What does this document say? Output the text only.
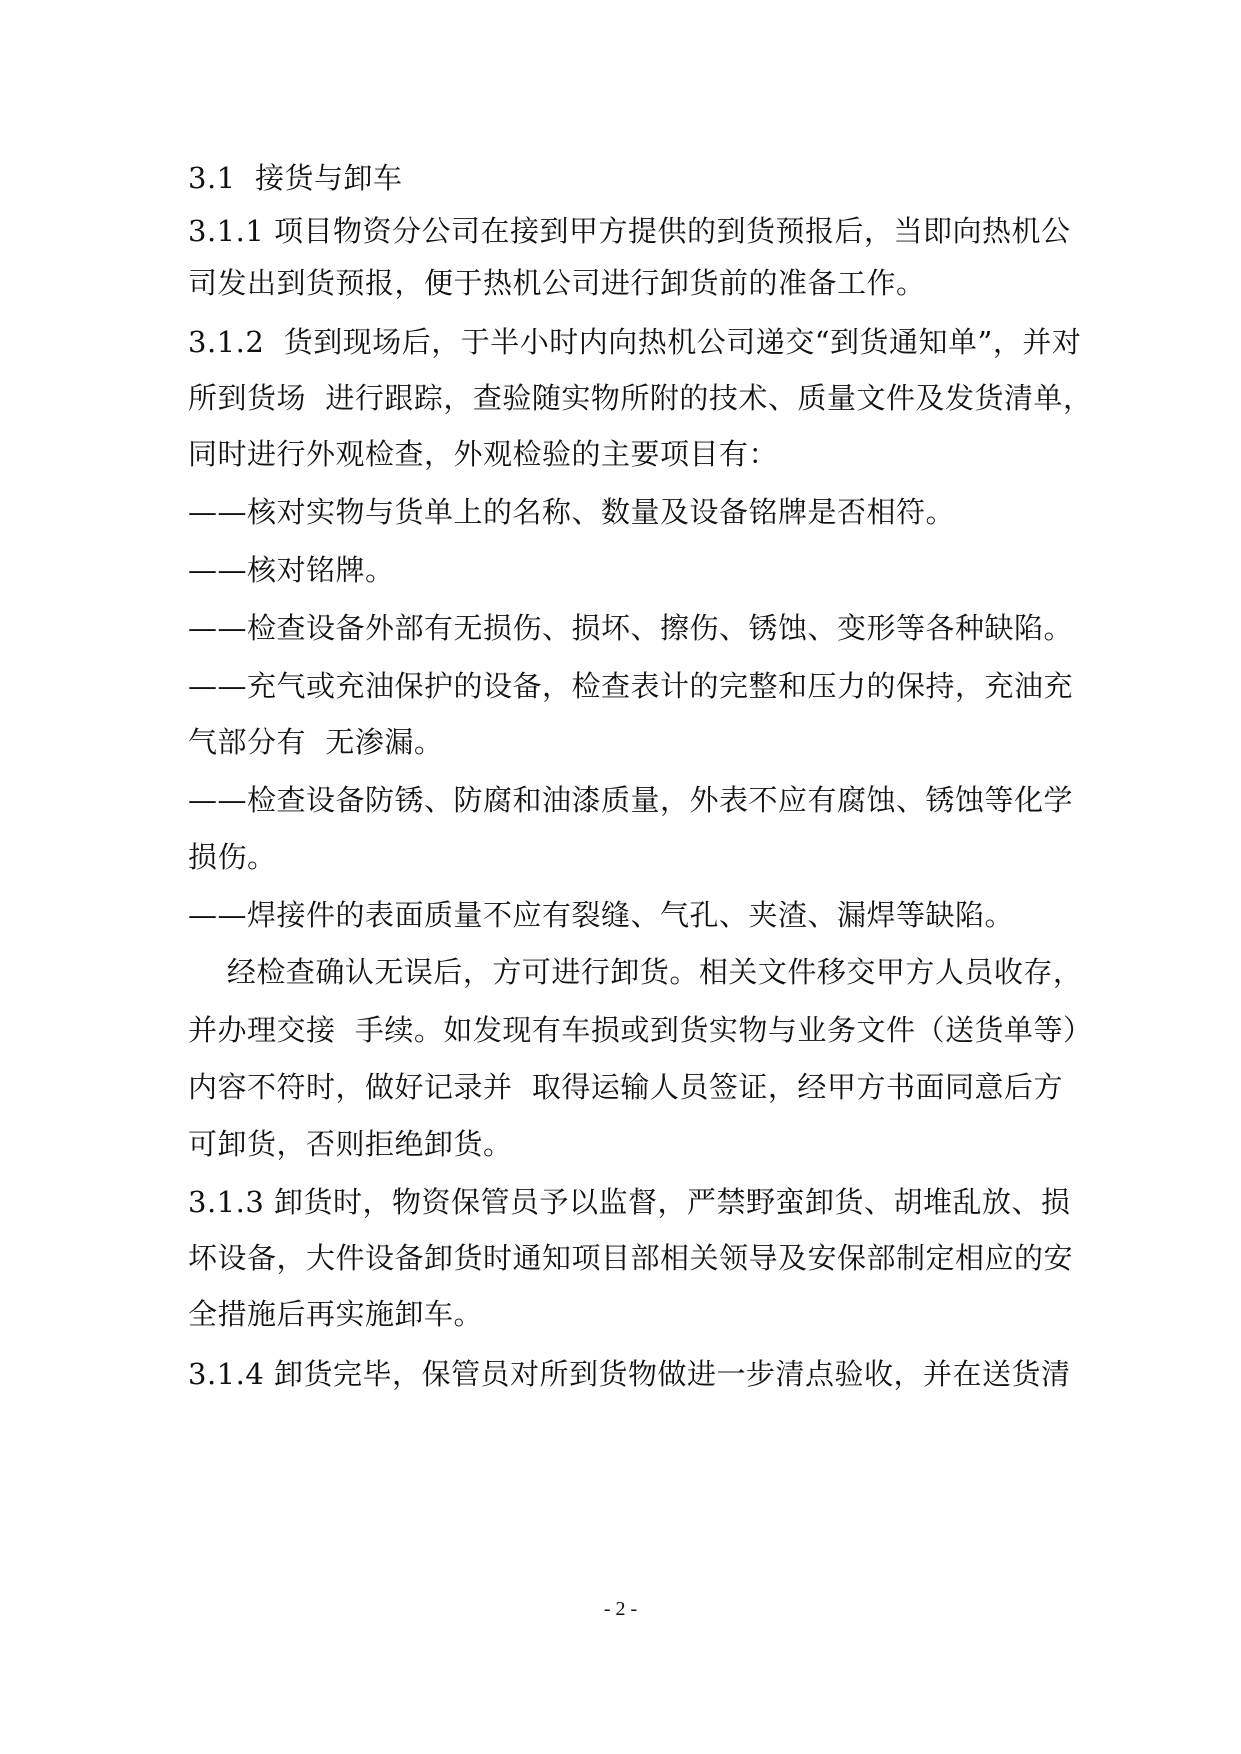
3.1  接货与卸车
3.1.1 项目物资分公司在接到甲方提供的到货预报后，当即向热机公
司发出到货预报，便于热机公司进行卸货前的准备工作。
3.1.2  货到现场后，于半小时内向热机公司递交“到货通知单”，并对
所到货场  进行跟踪，查验随实物所附的技术、质量文件及发货清单，
同时进行外观检查，外观检验的主要项目有：
——核对实物与货单上的名称、数量及设备铭牌是否相符。
——核对铭牌。
——检查设备外部有无损伤、损坏、擦伤、锈蚀、变形等各种缺陷。
——充气或充油保护的设备，检查表计的完整和压力的保持，充油充
气部分有  无渗漏。
——检查设备防锈、防腐和油漆质量，外表不应有腐蚀、锈蚀等化学
损伤。
——焊接件的表面质量不应有裂缝、气孔、夹渣、漏焊等缺陷。
经检查确认无误后，方可进行卸货。相关文件移交甲方人员收存，
并办理交接  手续。如发现有车损或到货实物与业务文件（送货单等）
内容不符时，做好记录并  取得运输人员签证，经甲方书面同意后方
可卸货，否则拒绝卸货。
3.1.3 卸货时，物资保管员予以监督，严禁野蛮卸货、胡堆乱放、损
坏设备，大件设备卸货时通知项目部相关领导及安保部制定相应的安
全措施后再实施卸车。
3.1.4 卸货完毕，保管员对所到货物做进一步清点验收，并在送货清
- 2 -
